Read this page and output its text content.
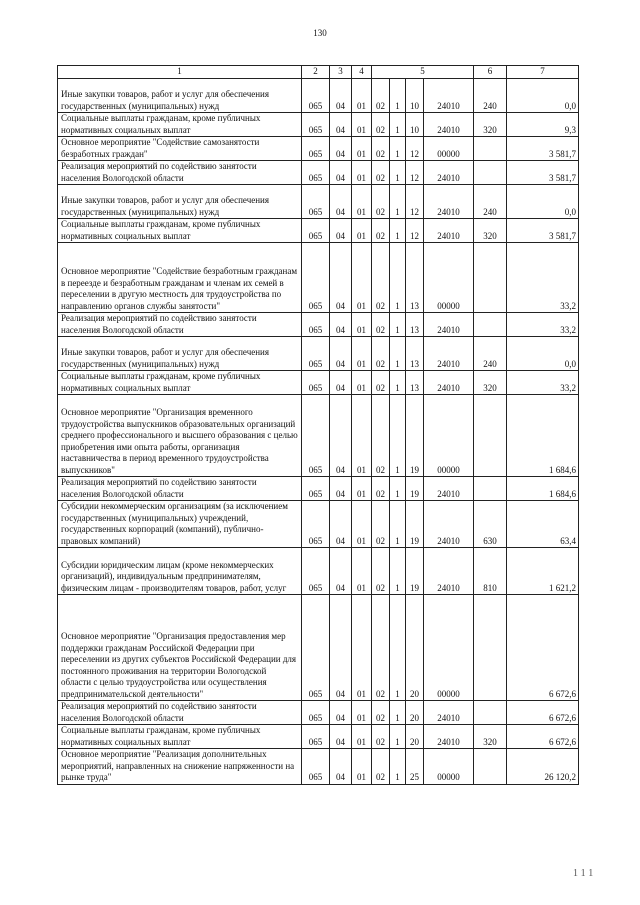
130
1	2	3	4	5				6	7
Иные закупки товаров, работ и услуг для обеспечения государственных (муниципальных) нужд	065	04	01	02	1	10	24010	240	0,0
Социальные выплаты гражданам, кроме публичных нормативных социальных выплат	065	04	01	02	1	10	24010	320	9,3
Основное мероприятие "Содействие самозанятости безработных граждан"	065	04	01	02	1	12	00000		3 581,7
Реализация мероприятий по содействию занятости населения Вологодской области	065	04	01	02	1	12	24010		3 581,7
Иные закупки товаров, работ и услуг для обеспечения государственных (муниципальных) нужд	065	04	01	02	1	12	24010	240	0,0
Социальные выплаты гражданам, кроме публичных нормативных социальных выплат	065	04	01	02	1	12	24010	320	3 581,7
Основное мероприятие "Содействие безработным гражданам в переезде и безработным гражданам и членам их семей в переселении в другую местность для трудоустройства по направлению органов службы занятости"	065	04	01	02	1	13	00000		33,2
Реализация мероприятий по содействию занятости населения Вологодской области	065	04	01	02	1	13	24010		33,2
Иные закупки товаров, работ и услуг для обеспечения государственных (муниципальных) нужд	065	04	01	02	1	13	24010	240	0,0
Социальные выплаты гражданам, кроме публичных нормативных социальных выплат	065	04	01	02	1	13	24010	320	33,2
Основное мероприятие "Организация временного трудоустройства выпускников образовательных организаций среднего профессионального и высшего образования с целью приобретения ими опыта работы, организация наставничества в период временного трудоустройства выпускников"	065	04	01	02	1	19	00000		1 684,6
Реализация мероприятий по содействию занятости населения Вологодской области	065	04	01	02	1	19	24010		1 684,6
Субсидии некоммерческим организациям (за исключением государственных (муниципальных) учреждений, государственных корпораций (компаний), публично-правовых компаний)	065	04	01	02	1	19	24010	630	63,4
Субсидии юридическим лицам (кроме некоммерческих организаций), индивидуальным предпринимателям, физическим лицам - производителям товаров, работ, услуг	065	04	01	02	1	19	24010	810	1 621,2
Основное мероприятие "Организация предоставления мер поддержки гражданам Российской Федерации при переселении из других субъектов Российской Федерации для постоянного проживания на территории Вологодской области с целью трудоустройства или осуществления предпринимательской деятельности"	065	04	01	02	1	20	00000		6 672,6
Реализация мероприятий по содействию занятости населения Вологодской области	065	04	01	02	1	20	24010		6 672,6
Социальные выплаты гражданам, кроме публичных нормативных социальных выплат	065	04	01	02	1	20	24010	320	6 672,6
Основное мероприятие "Реализация дополнительных мероприятий, направленных на снижение напряженности на рынке труда"	065	04	01	02	1	25	00000		26 120,2
111
